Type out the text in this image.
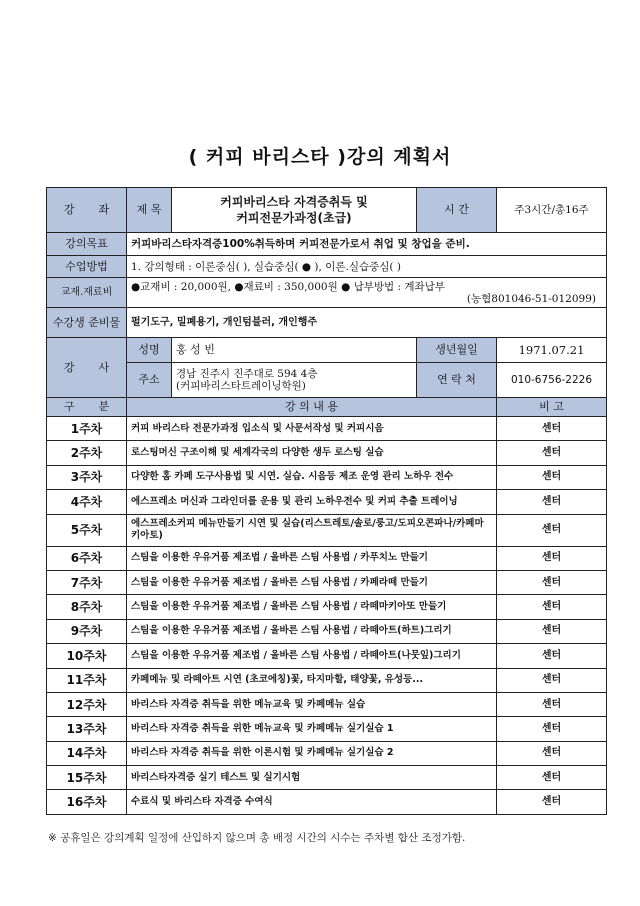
( 커피 바리스타 )강의 계획서
강 좌	제 목	커피바리스타 자격증취득 및
커피전문가과정(초급)	시 간	주3시간/총16주
강의목표	커피바리스타자격증100%취득하며 커피전문가로서 취업 및 창업을 준비.			
수업방법	1. 강의형태 : 이론중심( ), 실습중심( ● ), 이론.실습중심( )			
교재.재료비	●교재비 : 20,000원, ●재료비 : 350,000원 ● 납부방법 : 계좌납부
(농협801046-51-012099)			

수강생 준비물	펄기도구, 밀폐용기, 개인텀블러, 개인행주			
강 사	성명	홍 성 빈	생년월일	1971.07.21
	주소	경남 진주시 진주대로 594 4층
(커피바리스타트레이닝학원)	연 락 처	010-6756-2226
구 분	강 의 내 용			비 고
1주차	커피 바리스타 전문가과정 입소식 및 사문서작성 및 커피시음			센터
2주차	로스팅머신 구조이해 및 세계각국의 다양한 생두 로스팅 실습			센터
3주차	다양한 홈 카페 도구사용법 및 시연. 실습. 시음등 제조 운영 관리 노하우 전수			센터
4주차	에스프레소 머신과 그라인더를 운용 및 관리 노하우전수 및 커피 추출 트레이닝			센터
5주차	에스프레소커피 메뉴만들기 시연 및 실습(리스트레토/솔로/룽고/도피오콘파나/카페마키아토)			센터
6주차	스팀을 이용한 우유거품 제조법 / 올바른 스팀 사용법 / 카푸치노 만들기			센터
7주차	스팀을 이용한 우유거품 제조법 / 올바른 스팀 사용법 / 카페라떼 만들기			센터
8주차	스팀을 이용한 우유거품 제조법 / 올바른 스팀 사용법 / 라떼마키아또 만들기			센터
9주차	스팀을 이용한 우유거품 제조법 / 올바른 스팀 사용법 / 라떼아트(하트)그리기			센터
10주차	스팀을 이용한 우유거품 제조법 / 올바른 스팀 사용법 / 라떼아트(나뭇잎)그리기			센터
11주차	카페메뉴 및 라떼아트 시연 (초코에칭)꽃, 타지마할, 태양꽃, 유성등...			센터
12주차	바리스타 자격증 취득을 위한 메뉴교육 및 카페메뉴 실습			센터
13주차	바리스타 자격증 취득을 위한 메뉴교육 및 카페메뉴 실기실습 1			센터
14주차	바리스타 자격증 취득을 위한 이론시험 및 카페메뉴 실기실습 2			센터
15주차	바리스타자격증 실기 테스트 및 실기시험			센터
16주차	수료식 및 바리스타 자격증 수여식			센터
※ 공휴일은 강의계획 일정에 산입하지 않으며 총 배정 시간의 시수는 주차별 합산 조정가함.
